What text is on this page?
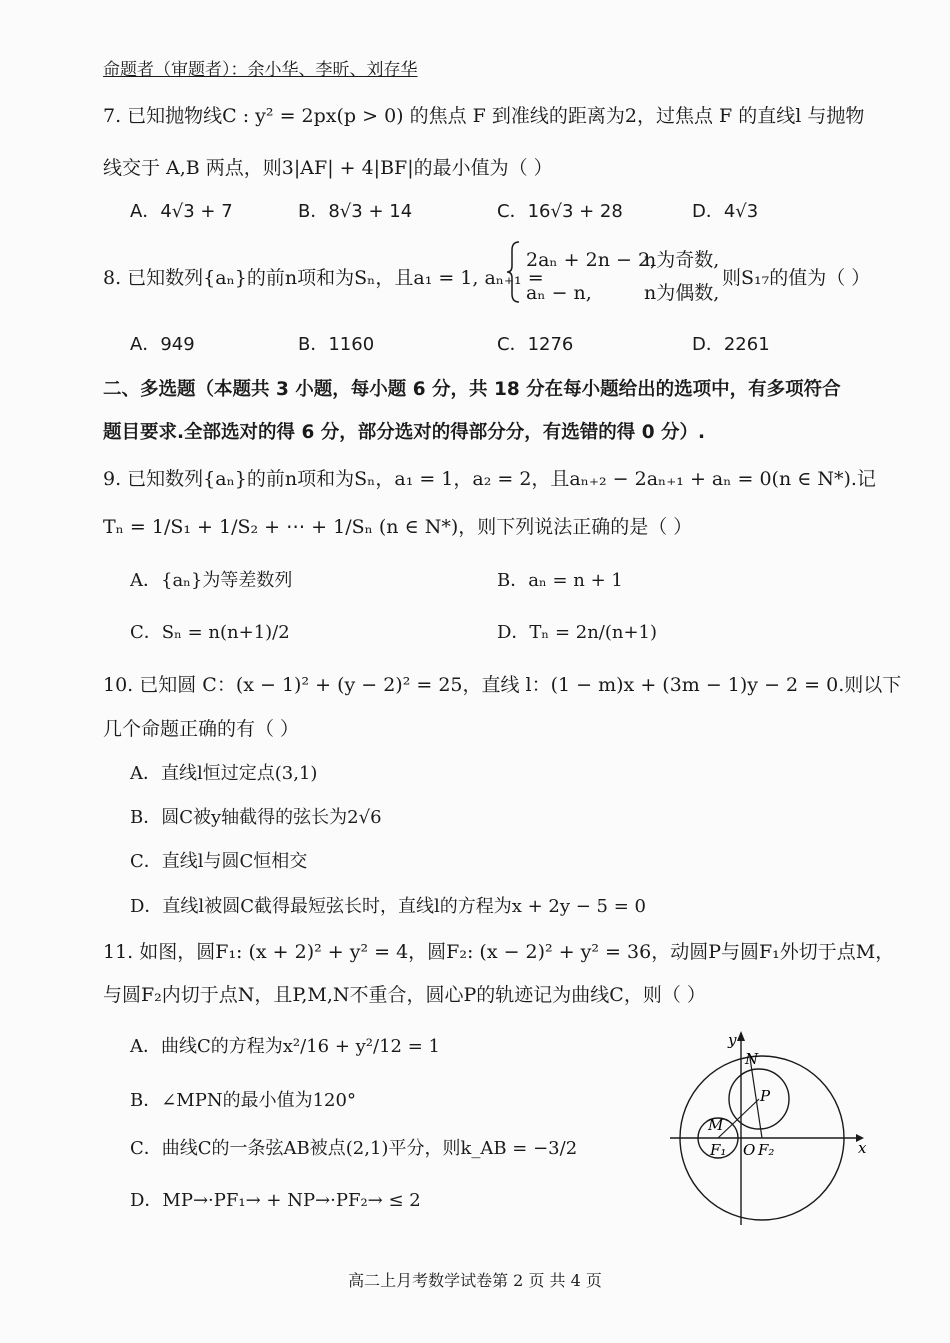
命题者（审题者）：余小华、李昕、刘存华
7. 已知抛物线C : y² = 2px(p > 0) 的焦点 F 到准线的距离为2，过焦点 F 的直线l 与抛物
线交于 A,B 两点，则3|AF| + 4|BF|的最小值为（ ）
A．4√3 + 7	B．8√3 + 14	C．16√3 + 28	D．4√3
8. 已知数列{aₙ}的前n项和为Sₙ，且a₁ = 1, aₙ₊₁ =
2aₙ + 2n − 2,
n为奇数,
aₙ − n,	n为偶数,
则S₁₇的值为（ ）
A．949	B．1160	C．1276	D．2261
二、多选题（本题共 3 小题，每小题 6 分，共 18 分在每小题给出的选项中，有多项符合
题目要求.全部选对的得 6 分，部分选对的得部分分，有选错的得 0 分）.
9. 已知数列{aₙ}的前n项和为Sₙ，a₁ = 1，a₂ = 2，且aₙ₊₂ − 2aₙ₊₁ + aₙ = 0(n ∈ N*).记
Tₙ = 1/S₁ + 1/S₂ + ⋯ + 1/Sₙ (n ∈ N*)，则下列说法正确的是（ ）
A．{aₙ}为等差数列	B．aₙ = n + 1
C．Sₙ = n(n+1)/2	D．Tₙ = 2n/(n+1)
10. 已知圆 C：(x − 1)² + (y − 2)² = 25，直线 l：(1 − m)x + (3m − 1)y − 2 = 0.则以下
几个命题正确的有（ ）
A．直线l恒过定点(3,1)
B．圆C被y轴截得的弦长为2√6
C．直线l与圆C恒相交
D．直线l被圆C截得最短弦长时，直线l的方程为x + 2y − 5 = 0
11. 如图，圆F₁: (x + 2)² + y² = 4，圆F₂: (x − 2)² + y² = 36，动圆P与圆F₁外切于点M，
与圆F₂内切于点N，且P,M,N不重合，圆心P的轨迹记为曲线C，则（ ）
A．曲线C的方程为x²/16 + y²/12 = 1
B．∠MPN的最小值为120°
C．曲线C的一条弦AB被点(2,1)平分，则k_AB = −3/2
D．MP→·PF₁→ + NP→·PF₂→ ≤ 2
y
x
N
P
M
F₁ O F₂
高二上月考数学试卷第 2 页 共 4 页
